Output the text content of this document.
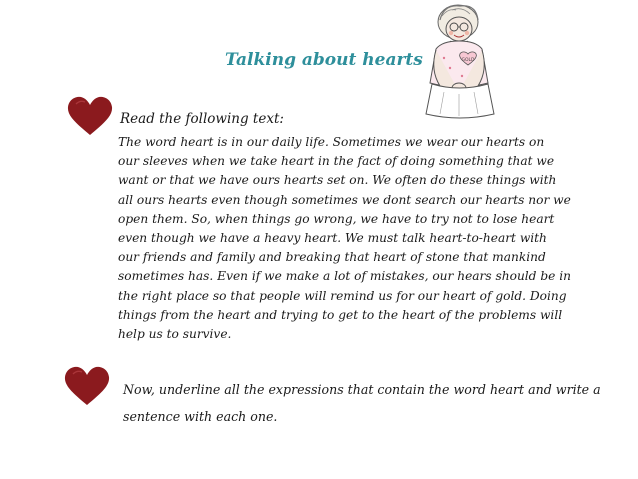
Talking about hearts	GOLD
Read the following text:
The word heart is in our daily life. Sometimes we wear our hearts on
our sleeves when we take heart in the fact of doing something that we
want or that we have ours hearts set on. We often do these things with
all ours hearts even though sometimes we dont search our hearts nor we
open them. So, when things go wrong, we have to try not to lose heart
even though we have a heavy heart. We must talk heart-to-heart with
our friends and family and breaking that heart of stone that mankind
sometimes has. Even if we make a lot of mistakes, our hears should be in
the right place so that people will remind us for our heart of gold. Doing
things from the heart and trying to get to the heart of the problems will
help us to survive.
Now, underline all the expressions that contain the word heart and write a
sentence with each one.
